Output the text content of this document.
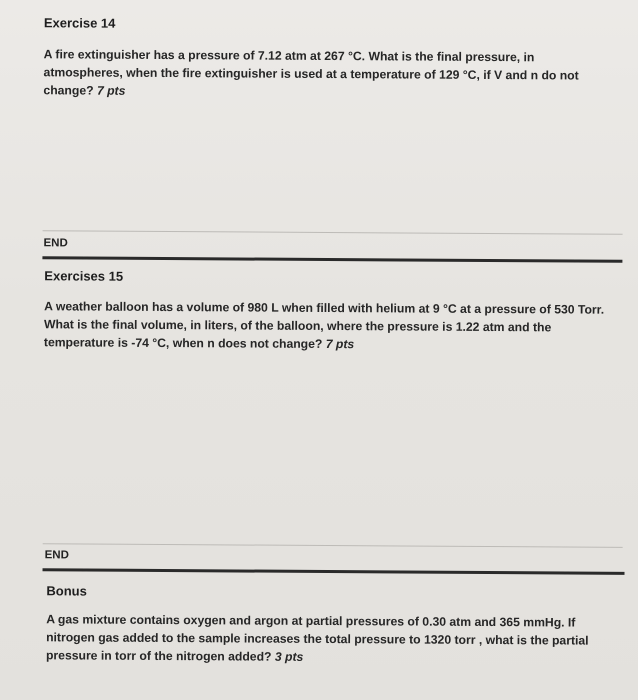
Exercise 14
A fire extinguisher has a pressure of 7.12 atm at 267 °C. What is the final pressure, in atmospheres, when the fire extinguisher is used at a temperature of 129 °C, if V and n do not change? 7 pts
END
Exercises 15
A weather balloon has a volume of 980 L when filled with helium at 9 °C at a pressure of 530 Torr. What is the final volume, in liters, of the balloon, where the pressure is 1.22 atm and the temperature is -74 °C, when n does not change? 7 pts
END
Bonus
A gas mixture contains oxygen and argon at partial pressures of 0.30 atm and 365 mmHg. If nitrogen gas added to the sample increases the total pressure to 1320 torr , what is the partial pressure in torr of the nitrogen added? 3 pts
